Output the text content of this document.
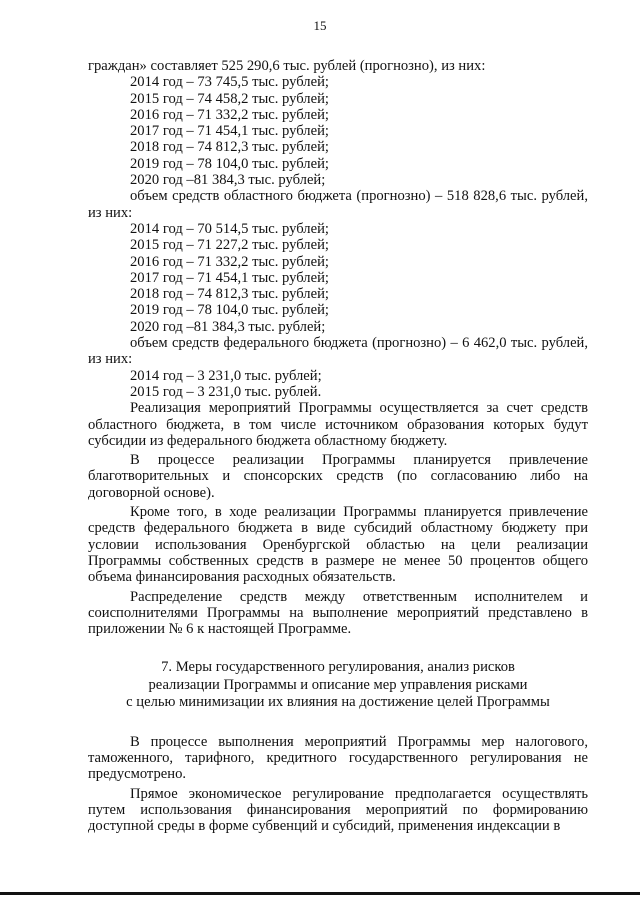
15

граждан» составляет 525 290,6 тыс. рублей (прогнозно), из них:

2014 год – 73 745,5 тыс. рублей;

2015 год – 74 458,2 тыс. рублей;

2016 год – 71 332,2 тыс. рублей;

2017 год – 71 454,1 тыс. рублей;

2018 год – 74 812,3 тыс. рублей;

2019 год – 78 104,0 тыс. рублей;

2020 год –81 384,3 тыс. рублей;

объем средств областного бюджета (прогнозно) – 518 828,6 тыс. рублей, из них:

2014 год – 70 514,5 тыс. рублей;

2015 год – 71 227,2 тыс. рублей;

2016 год – 71 332,2 тыс. рублей;

2017 год – 71 454,1 тыс. рублей;

2018 год – 74 812,3 тыс. рублей;

2019 год – 78 104,0 тыс. рублей;

2020 год –81 384,3 тыс. рублей;

объем средств федерального бюджета (прогнозно) – 6 462,0 тыс. рублей, из них:

2014 год – 3 231,0 тыс. рублей;

2015 год – 3 231,0 тыс. рублей.

Реализация мероприятий Программы осуществляется за счет средств областного бюджета, в том числе источником образования которых будут субсидии из федерального бюджета областному бюджету.

В процессе реализации Программы планируется привлечение благотворительных и спонсорских средств (по согласованию либо на договорной основе).

Кроме того, в ходе реализации Программы планируется привлечение средств федерального бюджета в виде субсидий областному бюджету при условии использования Оренбургской областью на цели реализации Программы собственных средств в размере не менее 50 процентов общего объема финансирования расходных обязательств.

Распределение средств между ответственным исполнителем и соисполнителями Программы на выполнение мероприятий представлено в приложении № 6 к настоящей Программе.

7. Меры государственного регулирования, анализ рисков
реализации Программы и описание мер управления рисками
с целью минимизации их влияния на достижение целей Программы

В процессе выполнения мероприятий Программы мер налогового, таможенного, тарифного, кредитного государственного регулирования не предусмотрено.

Прямое экономическое регулирование предполагается осуществлять путем использования финансирования мероприятий по формированию доступной среды в форме субвенций и субсидий, применения индексации в
